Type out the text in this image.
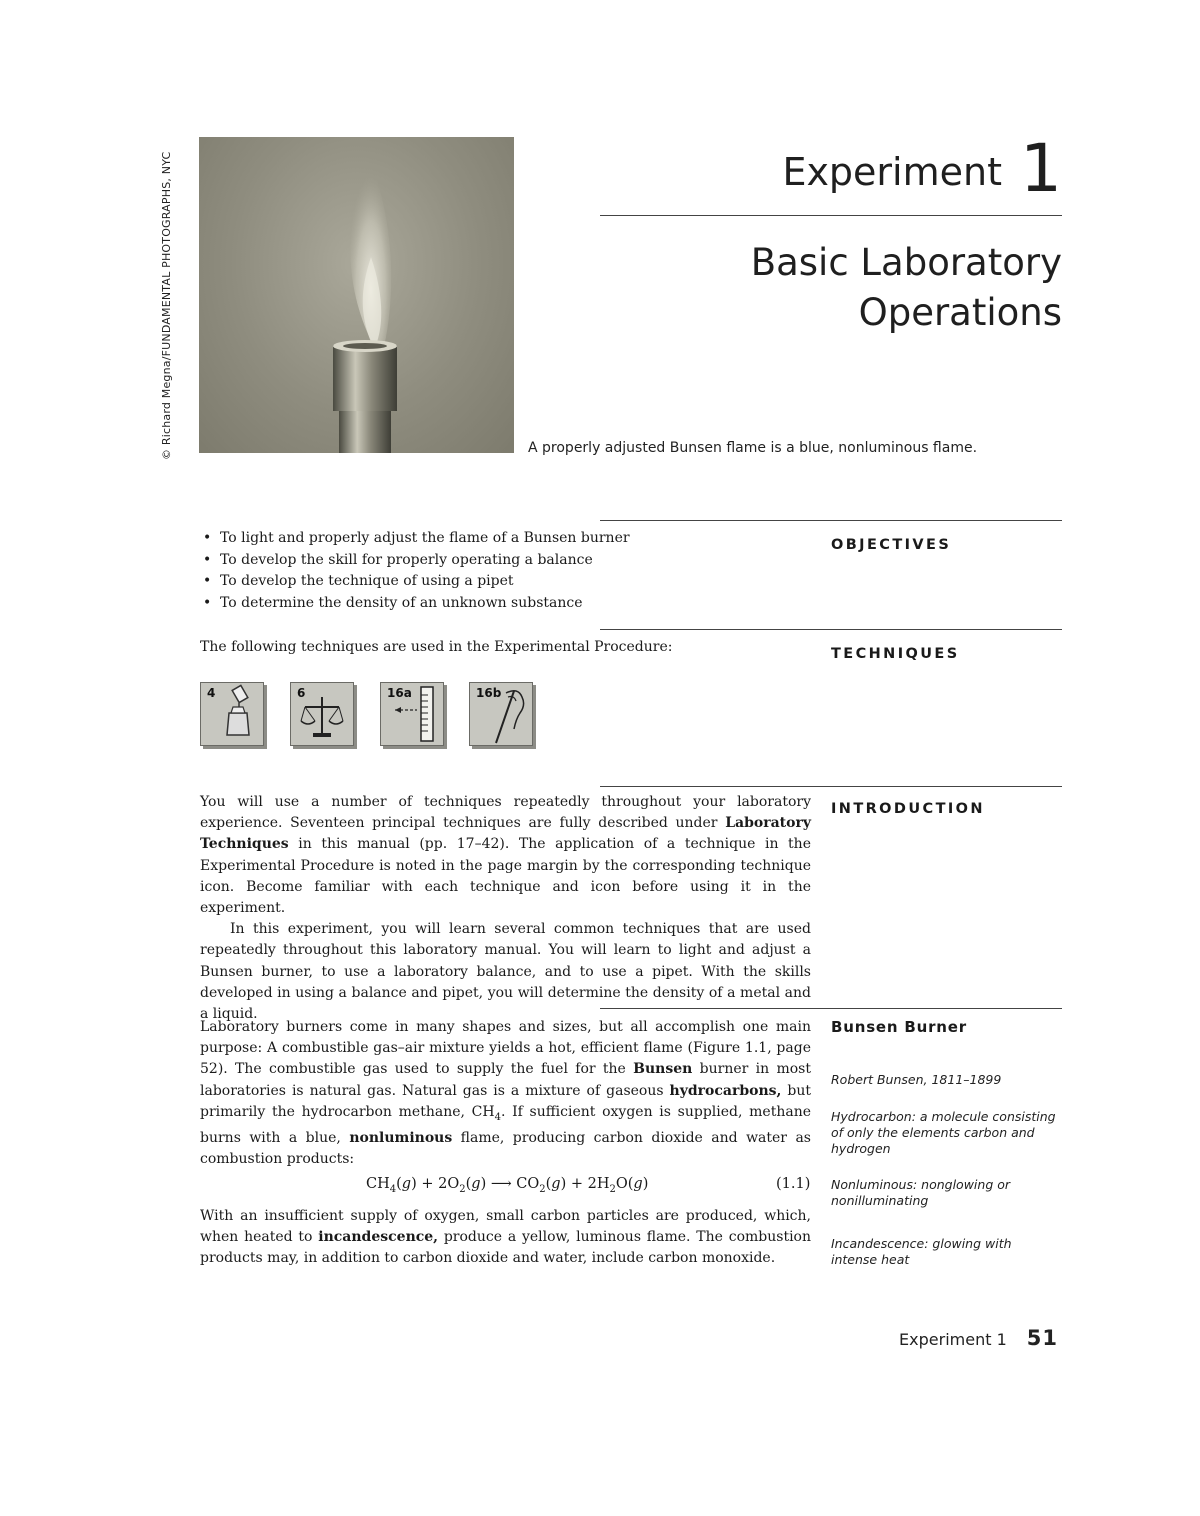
© Richard Megna/FUNDAMENTAL PHOTOGRAPHS, NYC	Experiment 1
Basic Laboratory
Operations
A properly adjusted Bunsen flame is a blue, nonluminous flame.
OBJECTIVES
• To light and properly adjust the flame of a Bunsen burner
• To develop the skill for properly operating a balance
• To develop the technique of using a pipet
• To determine the density of an unknown substance
TECHNIQUES
The following techniques are used in the Experimental Procedure:
4	6	16a	16b
INTRODUCTION

You will use a number of techniques repeatedly throughout your laboratory experience. Seventeen principal techniques are fully described under Laboratory Techniques in this manual (pp. 17–42). The application of a technique in the Experimental Procedure is noted in the page margin by the corresponding technique icon. Become familiar with each technique and icon before using it in the experiment.

In this experiment, you will learn several common techniques that are used repeatedly throughout this laboratory manual. You will learn to light and adjust a Bunsen burner, to use a laboratory balance, and to use a pipet. With the skills developed in using a balance and pipet, you will determine the density of a metal and a liquid.

Bunsen Burner

Laboratory burners come in many shapes and sizes, but all accomplish one main purpose: A combustible gas–air mixture yields a hot, efficient flame (Figure 1.1, page 52). The combustible gas used to supply the fuel for the Bunsen burner in most laboratories is natural gas. Natural gas is a mixture of gaseous hydrocarbons, but primarily the hydrocarbon methane, $CH_4$. If sufficient oxygen is supplied, methane burns with a blue, nonluminous flame, producing carbon dioxide and water as combustion products:

$CH_4(g) + 2O_2(g)$ ⟶ $CO_2(g) + 2H_2O(g)$	(1.1)

With an insufficient supply of oxygen, small carbon particles are produced, which, when heated to incandescence, produce a yellow, luminous flame. The combustion products may, in addition to carbon dioxide and water, include carbon monoxide.

Robert Bunsen, 1811–1899
Hydrocarbon: a molecule consisting of only the elements carbon and hydrogen
Nonluminous: nonglowing or nonilluminating
Incandescence: glowing with intense heat
Experiment 1 51
